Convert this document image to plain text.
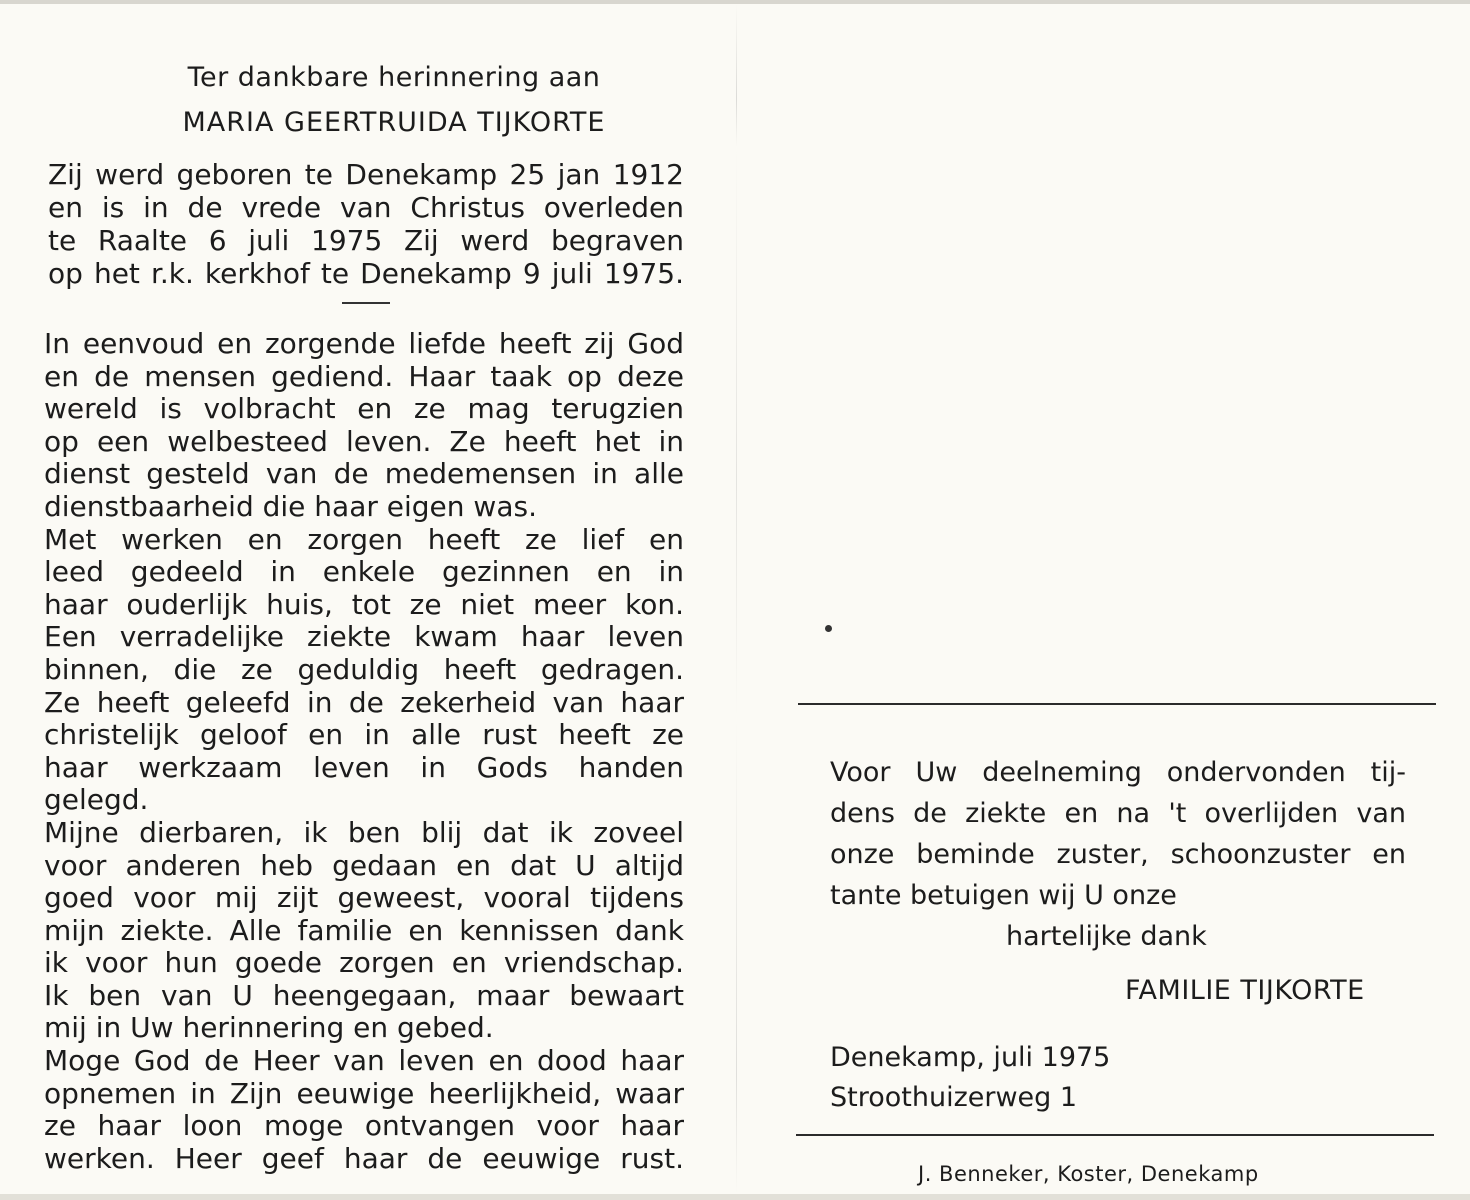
Ter dankbare herinnering aan
MARIA GEERTRUIDA TIJKORTE
Zij werd geboren te Denekamp 25 jan 1912
en is in de vrede van Christus overleden
te Raalte 6 juli 1975 Zij werd begraven
op het r.k. kerkhof te Denekamp 9 juli 1975.
In eenvoud en zorgende liefde heeft zij God
en de mensen gediend. Haar taak op deze
wereld is volbracht en ze mag terugzien
op een welbesteed leven. Ze heeft het in
dienst gesteld van de medemensen in alle
dienstbaarheid die haar eigen was.
Met werken en zorgen heeft ze lief en
leed gedeeld in enkele gezinnen en in
haar ouderlijk huis, tot ze niet meer kon.
Een verradelijke ziekte kwam haar leven
binnen, die ze geduldig heeft gedragen.
Ze heeft geleefd in de zekerheid van haar
christelijk geloof en in alle rust heeft ze
haar werkzaam leven in Gods handen
gelegd.
Mijne dierbaren, ik ben blij dat ik zoveel
voor anderen heb gedaan en dat U altijd
goed voor mij zijt geweest, vooral tijdens
mijn ziekte. Alle familie en kennissen dank
ik voor hun goede zorgen en vriendschap.
Ik ben van U heengegaan, maar bewaart
mij in Uw herinnering en gebed.
Moge God de Heer van leven en dood haar
opnemen in Zijn eeuwige heerlijkheid, waar
ze haar loon moge ontvangen voor haar
werken. Heer geef haar de eeuwige rust.
Voor Uw deelneming ondervonden tij-
dens de ziekte en na 't overlijden van
onze beminde zuster, schoonzuster en
tante betuigen wij U onze
hartelijke dank
FAMILIE TIJKORTE
Denekamp, juli 1975
Stroothuizerweg 1
J. Benneker, Koster, Denekamp
